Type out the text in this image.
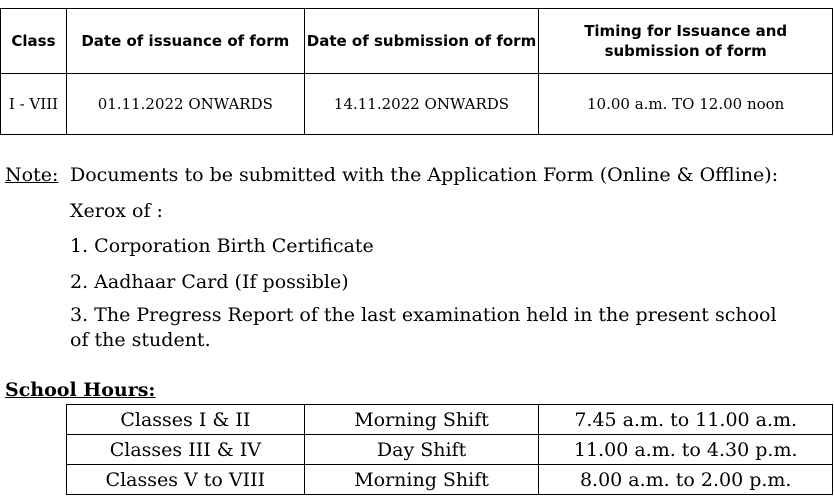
Class	Date of issuance of form	Date of submission of form	Timing for Issuance and submission of form
I - VIII	01.11.2022 ONWARDS	14.11.2022 ONWARDS	10.00 a.m. TO 12.00 noon
Note: Documents to be submitted with the Application Form (Online & Offline):
Xerox of :
1. Corporation Birth Certificate
2. Aadhaar Card (If possible)
3. The Pregress Report of the last examination held in the present school
of the student.
School Hours:
Classes I & II	Morning Shift	7.45 a.m. to 11.00 a.m.
Classes III & IV	Day Shift	11.00 a.m. to 4.30 p.m.
Classes V to VIII	Morning Shift	8.00 a.m. to 2.00 p.m.
